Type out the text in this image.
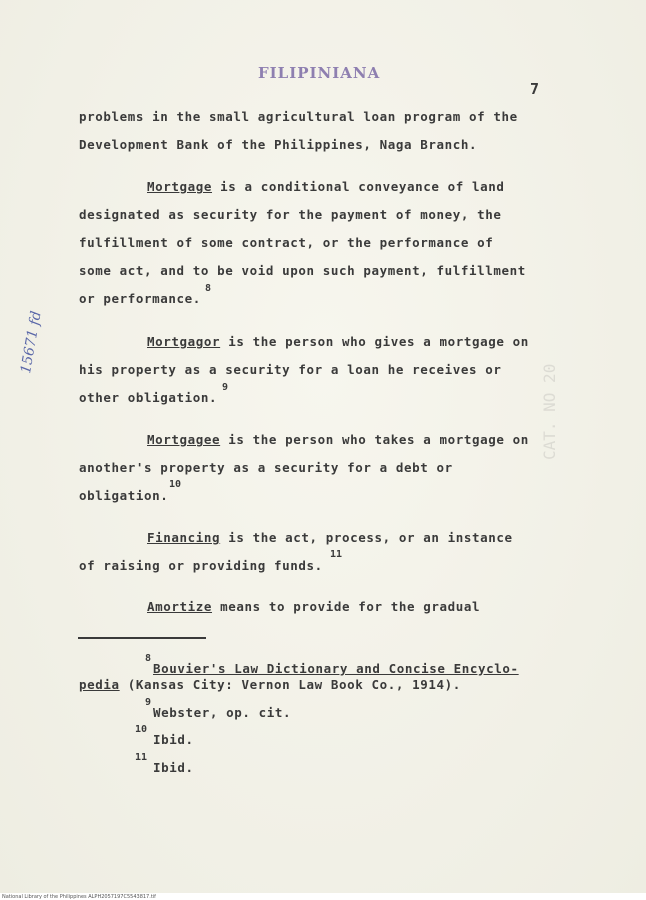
FILIPINIANA
7
15671 fd
CAT. NO 20
problems in the small agricultural loan program of the
Development Bank of the Philippines, Naga Branch.
Mortgage is a conditional conveyance of land
designated as security for the payment of money, the
fulfillment of some contract, or the performance of
some act, and to be void upon such payment, fulfillment
or performance.
8
Mortgagor is the person who gives a mortgage on
his property as a security for a loan he receives or
other obligation.
9
Mortgagee is the person who takes a mortgage on
another's property as a security for a debt or
obligation.
10
Financing is the act, process, or an instance
of raising or providing funds.
11
Amortize means to provide for the gradual
8
Bouvier's Law Dictionary and Concise Encyclo-
pedia (Kansas City: Vernon Law Book Co., 1914).
9
Webster, op. cit.
10
Ibid.
11
Ibid.
National Library of the Philippines ALPH2057197C5543817.tif
